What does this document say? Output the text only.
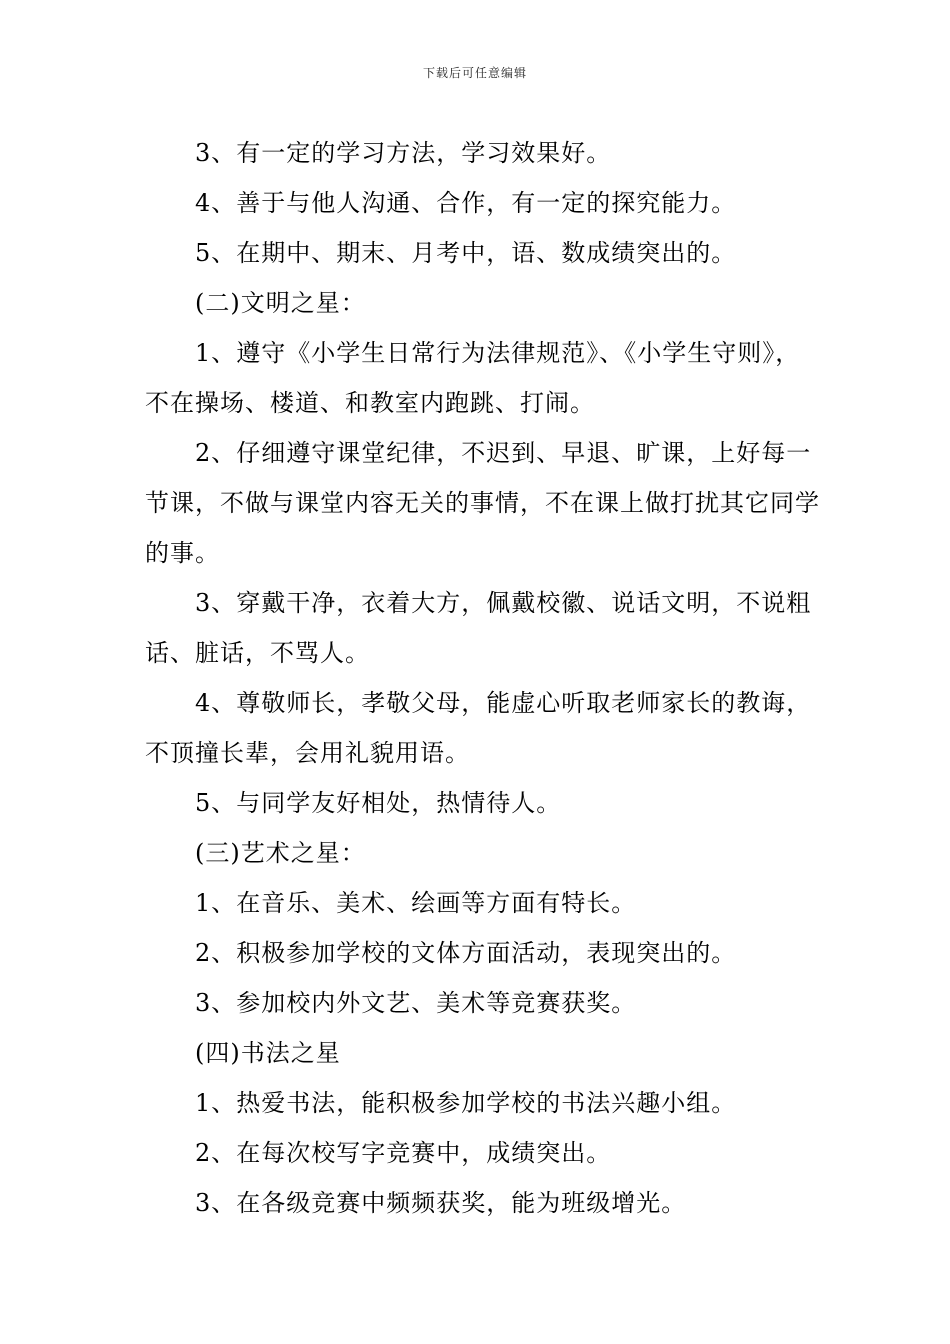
下载后可任意编辑

3、有一定的学习方法，学习效果好。

4、善于与他人沟通、合作，有一定的探究能力。

5、在期中、期末、月考中，语、数成绩突出的。

(二)文明之星：

1、遵守《小学生日常行为法律规范》、《小学生守则》，不在操场、楼道、和教室内跑跳、打闹。

2、仔细遵守课堂纪律，不迟到、早退、旷课，上好每一节课，不做与课堂内容无关的事情，不在课上做打扰其它同学的事。

3、穿戴干净，衣着大方，佩戴校徽、说话文明，不说粗话、脏话，不骂人。

4、尊敬师长，孝敬父母，能虚心听取老师家长的教诲，不顶撞长辈，会用礼貌用语。

5、与同学友好相处，热情待人。

(三)艺术之星：

1、在音乐、美术、绘画等方面有特长。

2、积极参加学校的文体方面活动，表现突出的。

3、参加校内外文艺、美术等竞赛获奖。

(四)书法之星

1、热爱书法，能积极参加学校的书法兴趣小组。

2、在每次校写字竞赛中，成绩突出。

3、在各级竞赛中频频获奖，能为班级增光。
